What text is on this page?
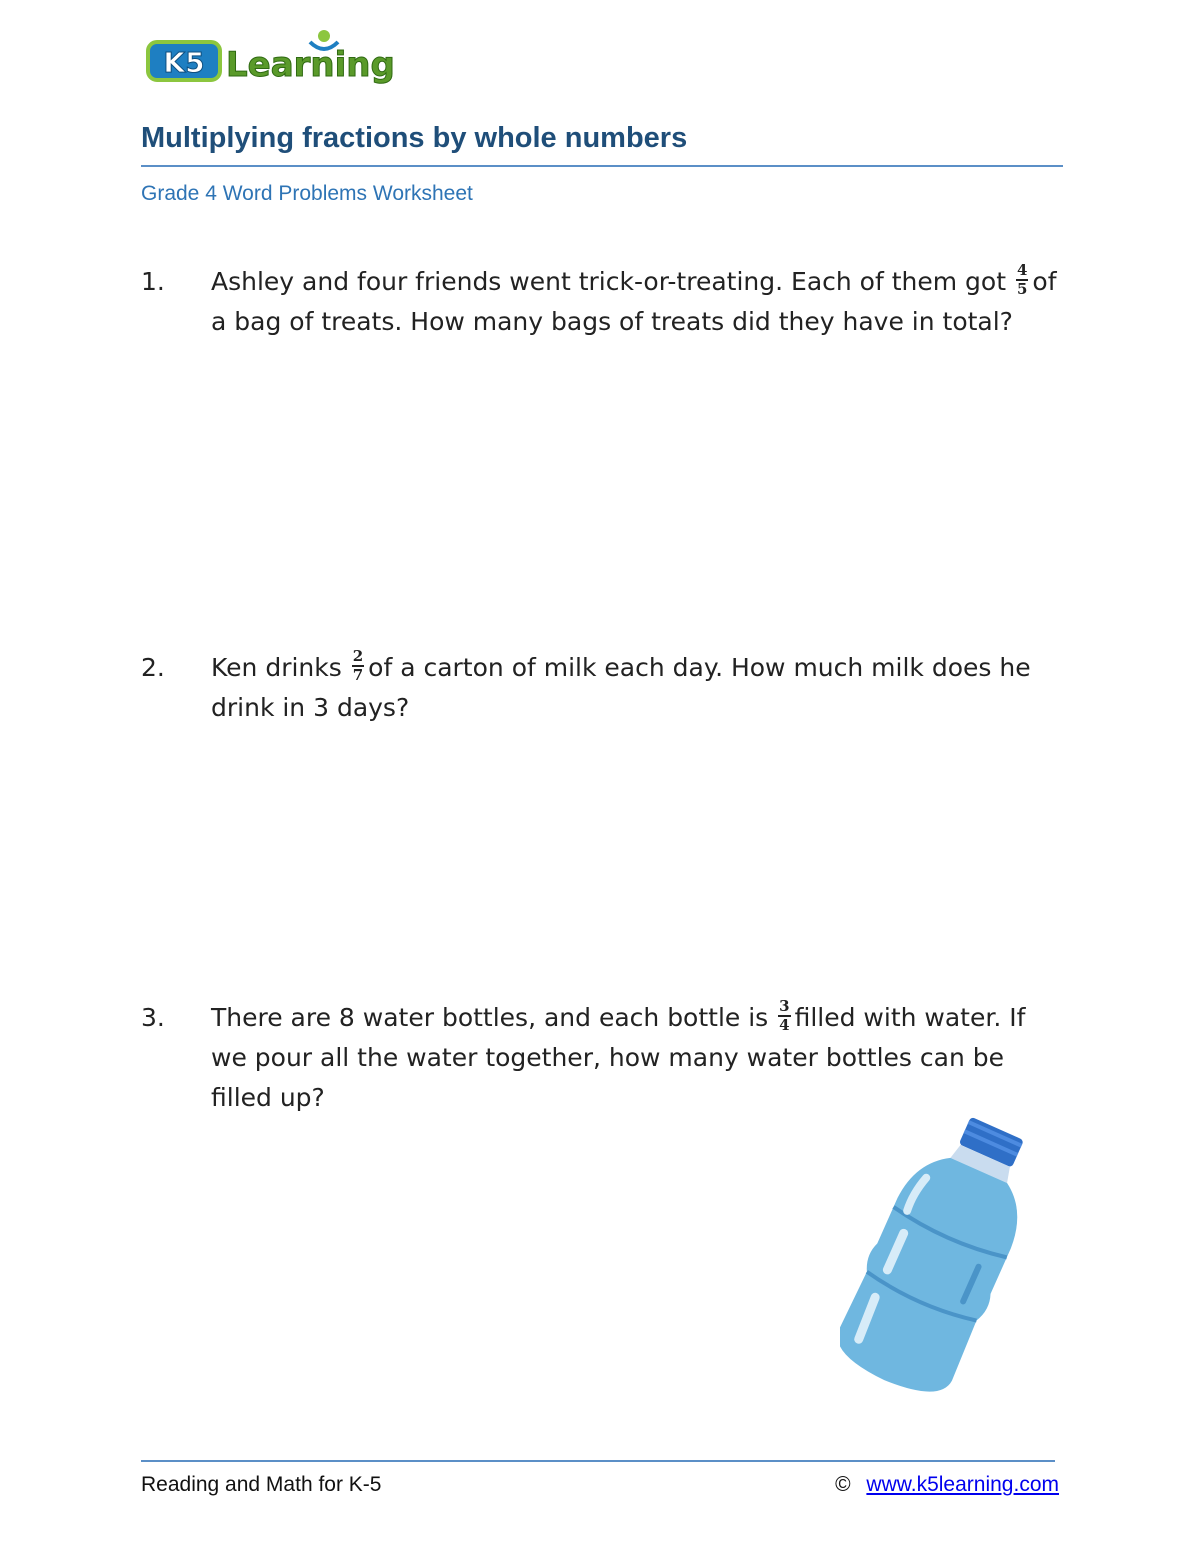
K5 Learning
Multiplying fractions by whole numbers
Grade 4 Word Problems Worksheet
1. Ashley and four friends went trick-or-treating. Each of them got $\frac{4}{5}$ of a bag of treats. How many bags of treats did they have in total?
2. Ken drinks $\frac{2}{7}$ of a carton of milk each day. How much milk does he drink in 3 days?
3. There are 8 water bottles, and each bottle is $\frac{3}{4}$ filled with water. If we pour all the water together, how many water bottles can be filled up?
Reading and Math for K-5	© www.k5learning.com
